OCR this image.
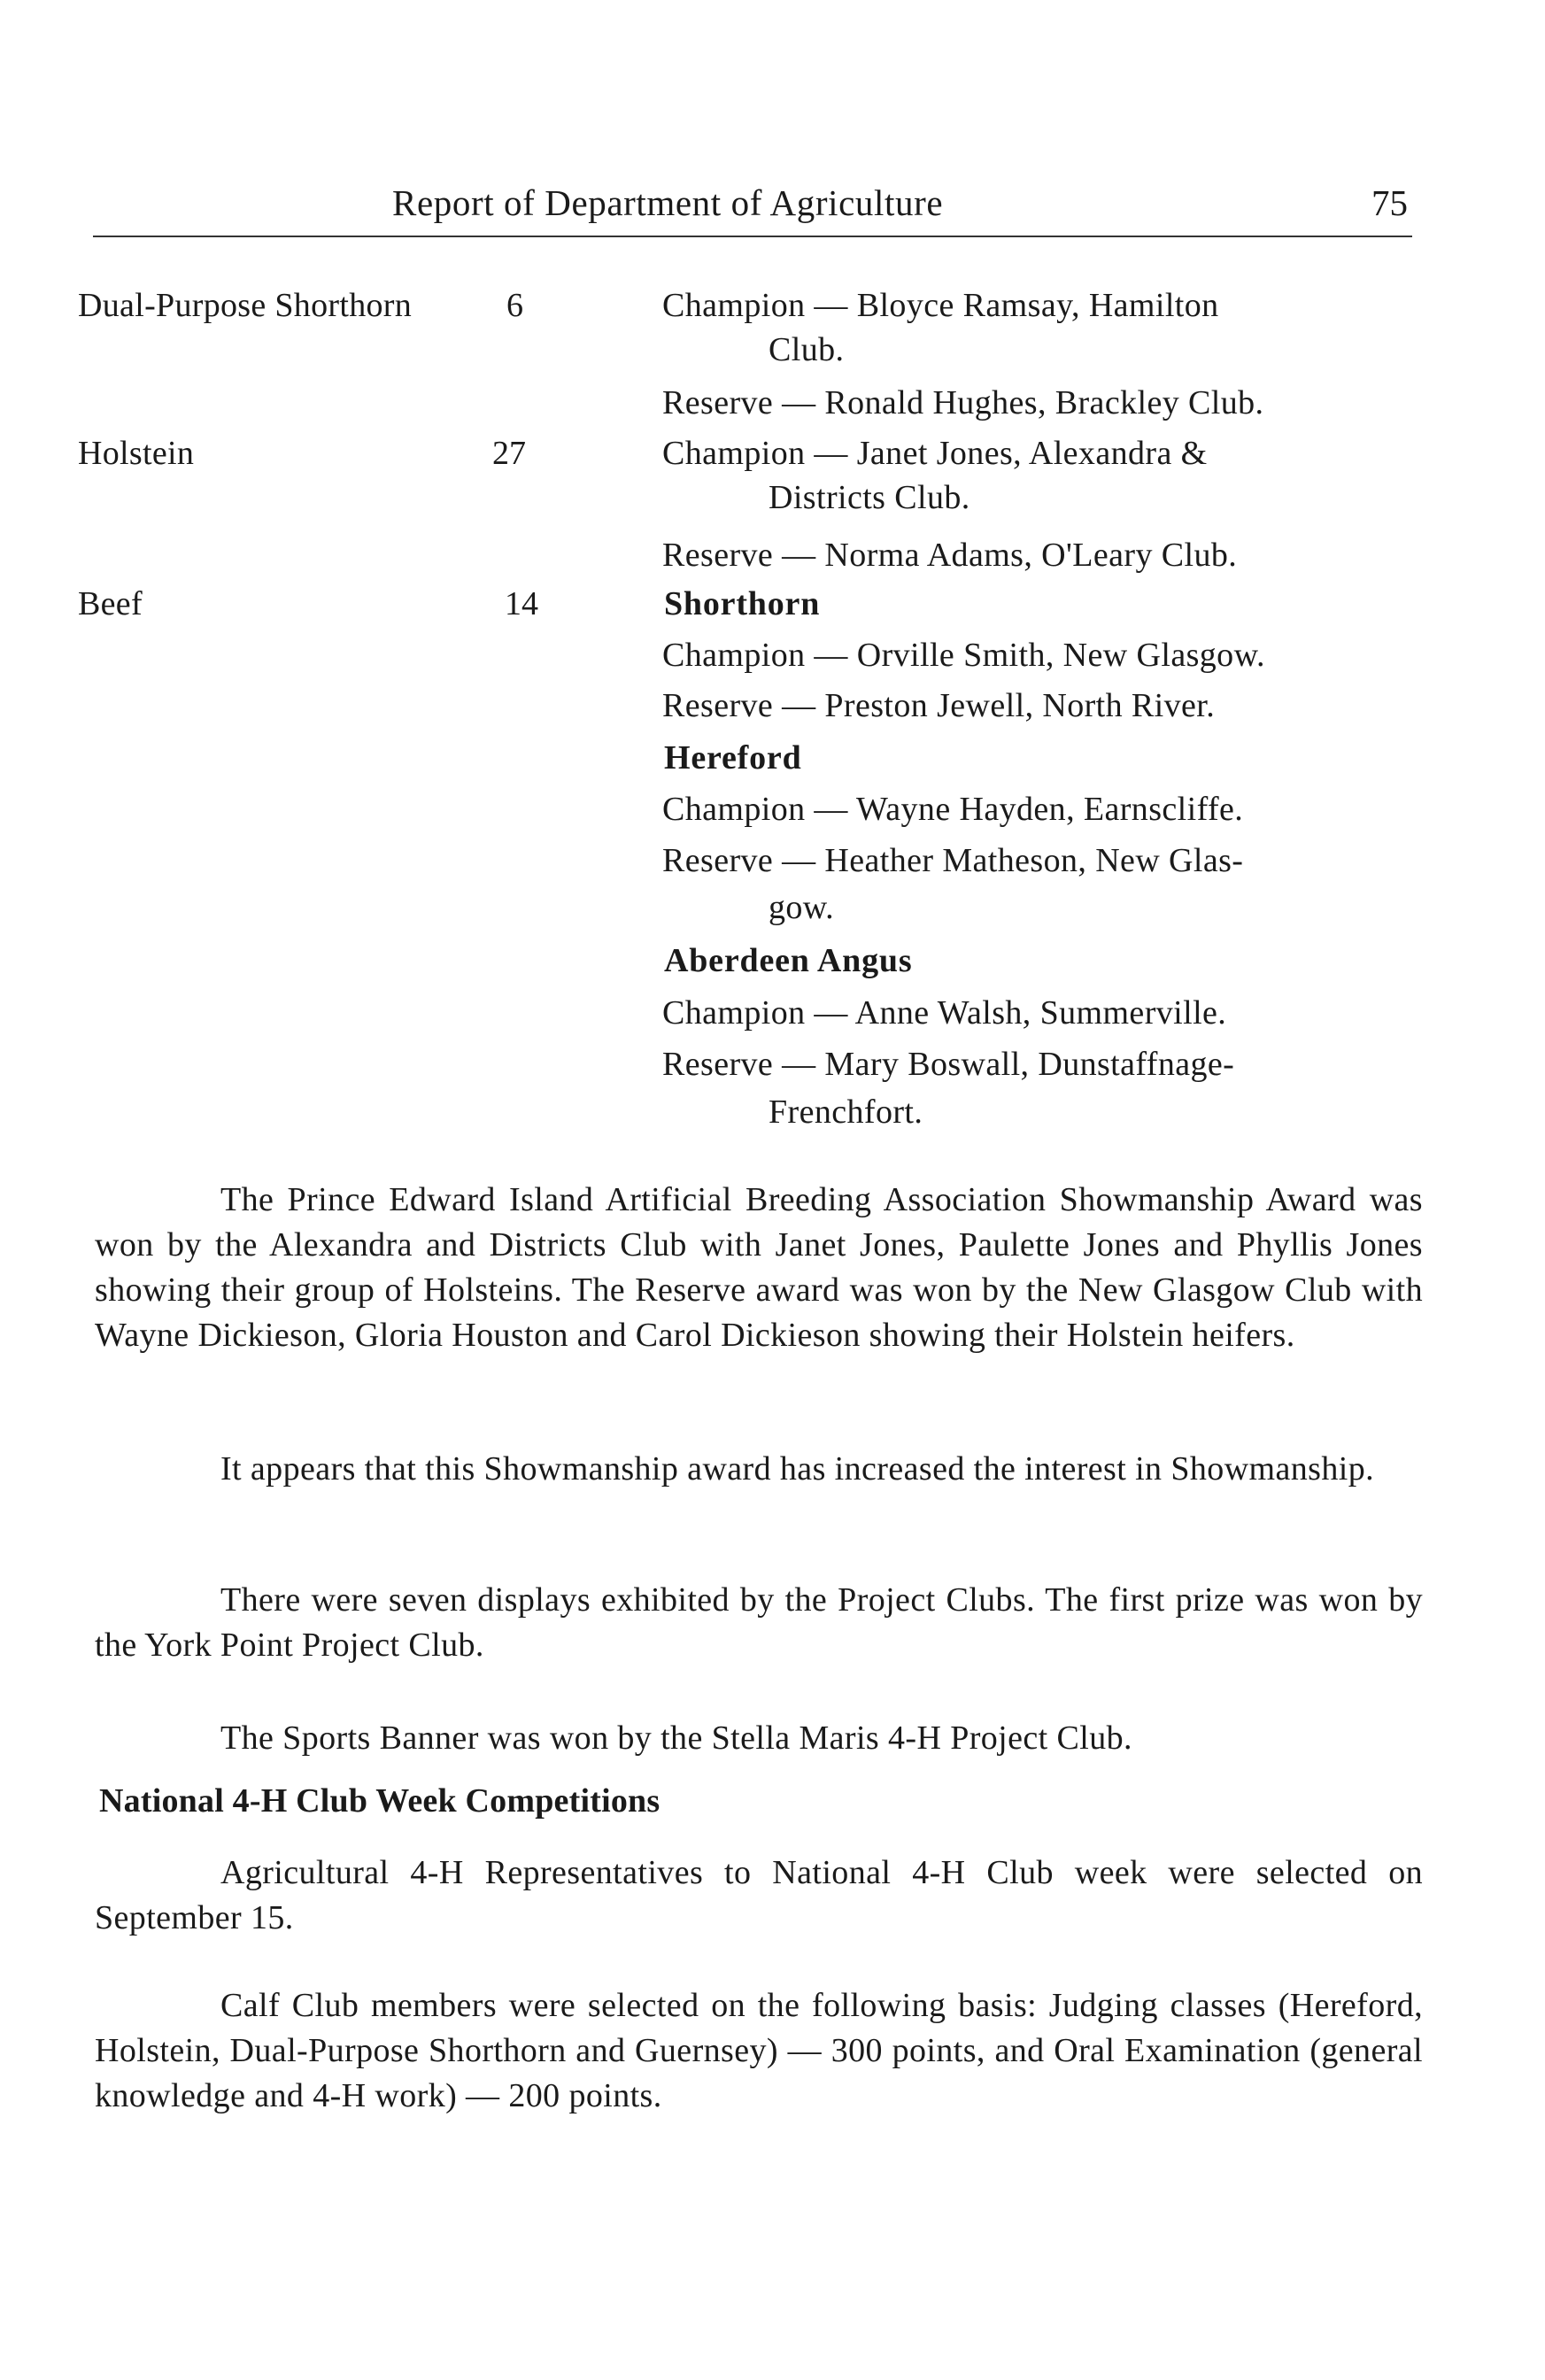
Report of Department of Agriculture	75
Dual-Purpose Shorthorn	6	Champion — Bloyce Ramsay, Hamilton
Club.
Reserve — Ronald Hughes, Brackley Club.
Holstein	27	Champion — Janet Jones, Alexandra &
Districts Club.
Reserve — Norma Adams, O'Leary Club.
Beef	14	Shorthorn
Champion — Orville Smith, New Glasgow.
Reserve — Preston Jewell, North River.
Hereford
Champion — Wayne Hayden, Earnscliffe.
Reserve — Heather Matheson, New Glas-
gow.
Aberdeen Angus
Champion — Anne Walsh, Summerville.
Reserve — Mary Boswall, Dunstaffnage-
Frenchfort.

The Prince Edward Island Artificial Breeding Association Showmanship Award was won by the Alexandra and Districts Club with Janet Jones, Paulette Jones and Phyllis Jones showing their group of Holsteins. The Reserve award was won by the New Glasgow Club with Wayne Dickieson, Gloria Houston and Carol Dickieson showing their Holstein heifers.

It appears that this Showmanship award has increased the interest in Showmanship.

There were seven displays exhibited by the Project Clubs. The first prize was won by the York Point Project Club.

The Sports Banner was won by the Stella Maris 4-H Project Club.

National 4-H Club Week Competitions

Agricultural 4-H Representatives to National 4-H Club week were selected on September 15.

Calf Club members were selected on the following basis: Judging classes (Hereford, Holstein, Dual-Purpose Shorthorn and Guernsey) — 300 points, and Oral Examination (general knowledge and 4-H work) — 200 points.
